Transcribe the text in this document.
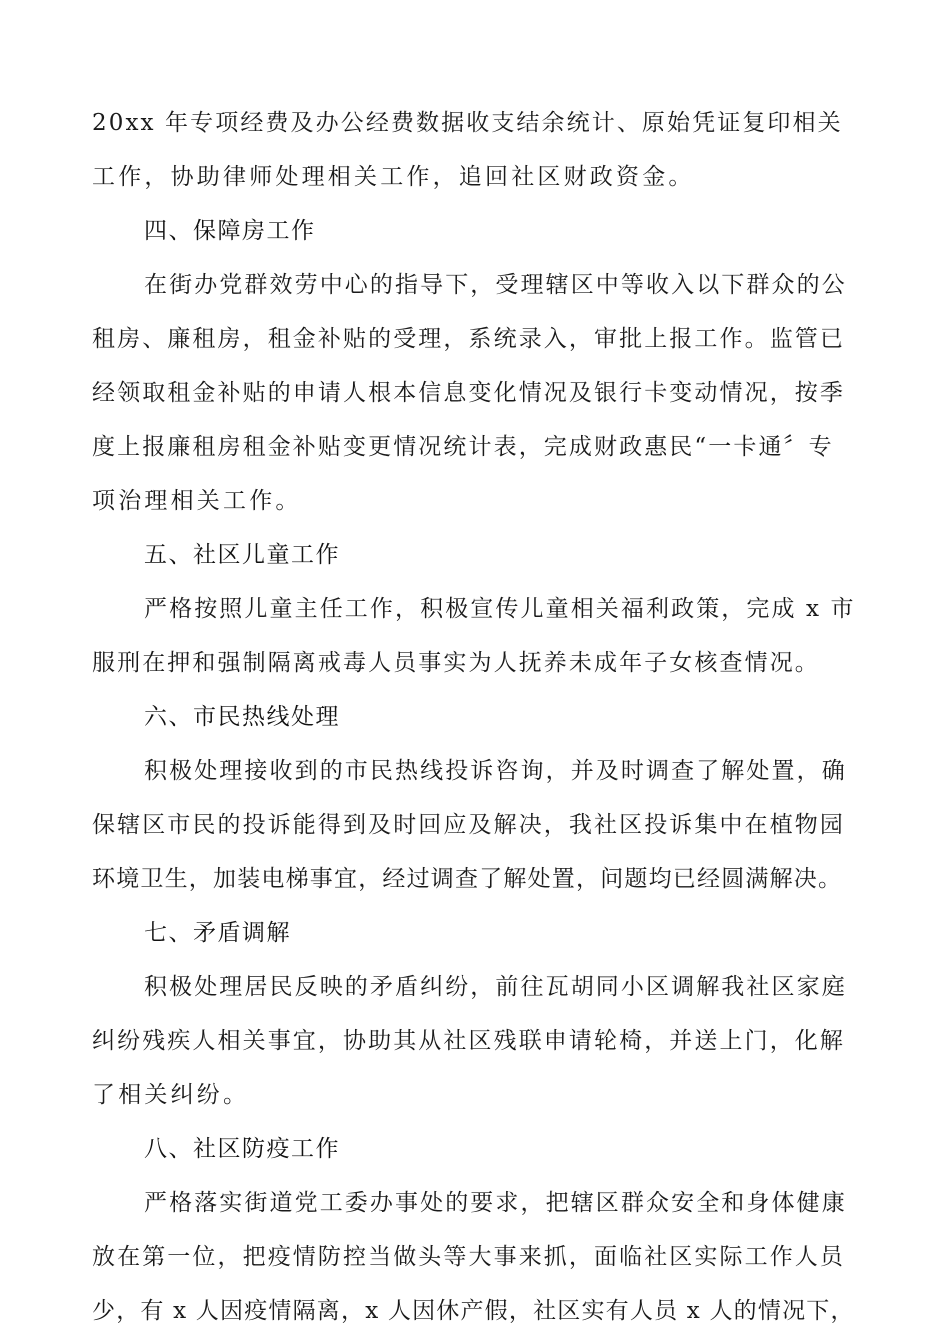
20xx 年专项经费及办公经费数据收支结余统计、原始凭证复印相关
工作，协助律师处理相关工作，追回社区财政资金。
四、保障房工作
在街办党群效劳中心的指导下，受理辖区中等收入以下群众的公
租房、廉租房，租金补贴的受理，系统录入，审批上报工作。监管已
经领取租金补贴的申请人根本信息变化情况及银行卡变动情况，按季
度上报廉租房租金补贴变更情况统计表，完成财政惠民“一卡通〞专
项治理相关工作。
五、社区儿童工作
严格按照儿童主任工作，积极宣传儿童相关福利政策，完成 x 市
服刑在押和强制隔离戒毒人员事实为人抚养未成年子女核查情况。
六、市民热线处理
积极处理接收到的市民热线投诉咨询，并及时调查了解处置，确
保辖区市民的投诉能得到及时回应及解决，我社区投诉集中在植物园
环境卫生，加装电梯事宜，经过调查了解处置，问题均已经圆满解决。
七、矛盾调解
积极处理居民反映的矛盾纠纷，前往瓦胡同小区调解我社区家庭
纠纷残疾人相关事宜，协助其从社区残联申请轮椅，并送上门，化解
了相关纠纷。
八、社区防疫工作
严格落实街道党工委办事处的要求，把辖区群众安全和身体健康
放在第一位，把疫情防控当做头等大事来抓，面临社区实际工作人员
少，有 x 人因疫情隔离，x 人因休产假，社区实有人员 x 人的情况下，
